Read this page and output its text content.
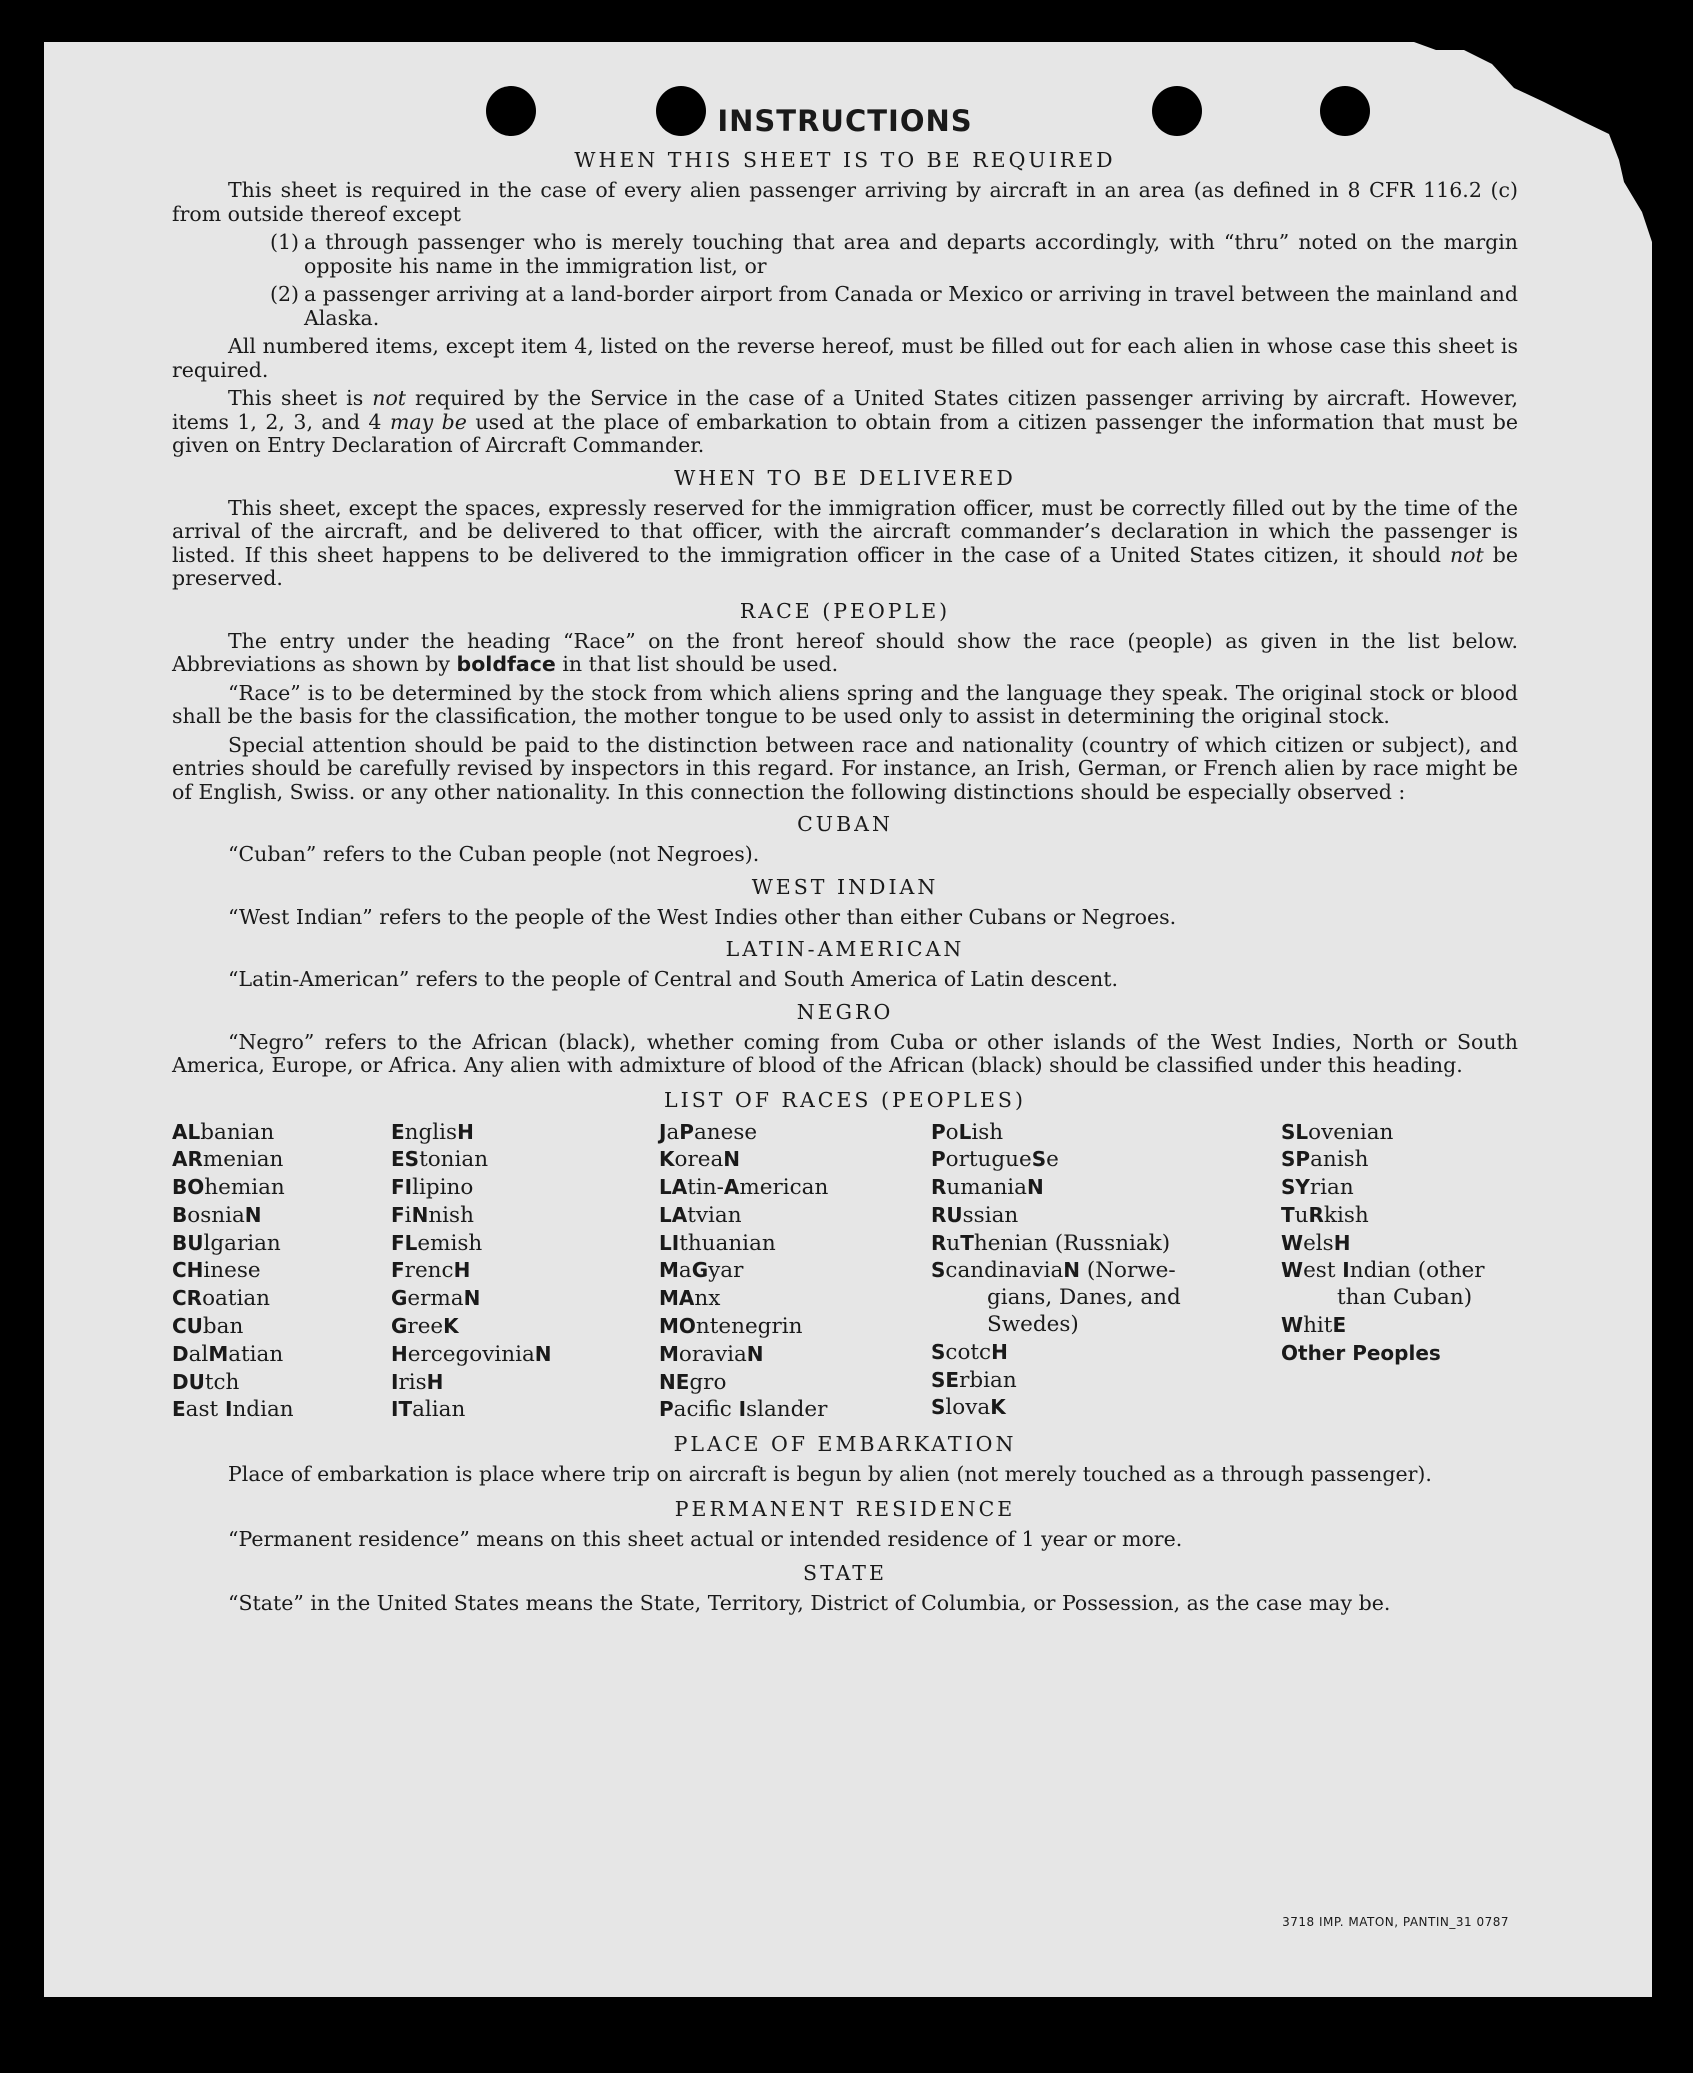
INSTRUCTIONS
WHEN THIS SHEET IS TO BE REQUIRED

This sheet is required in the case of every alien passenger arriving by aircraft in an area (as defined in 8 CFR 116.2 (c) from outside thereof except

(1) a through passenger who is merely touching that area and departs accordingly, with “thru” noted on the margin opposite his name in the immigration list, or

(2) a passenger arriving at a land-border airport from Canada or Mexico or arriving in travel between the mainland and Alaska.

All numbered items, except item 4, listed on the reverse hereof, must be filled out for each alien in whose case this sheet is required.

This sheet is not required by the Service in the case of a United States citizen passenger arriving by aircraft. However, items 1, 2, 3, and 4 may be used at the place of embarkation to obtain from a citizen passenger the information that must be given on Entry Declaration of Aircraft Commander.

WHEN TO BE DELIVERED

This sheet, except the spaces, expressly reserved for the immigration officer, must be correctly filled out by the time of the arrival of the aircraft, and be delivered to that officer, with the aircraft commander’s declaration in which the passenger is listed. If this sheet happens to be delivered to the immigration officer in the case of a United States citizen, it should not be preserved.

RACE (PEOPLE)

The entry under the heading “Race” on the front hereof should show the race (people) as given in the list below. Abbreviations as shown by boldface in that list should be used.

“Race” is to be determined by the stock from which aliens spring and the language they speak. The original stock or blood shall be the basis for the classification, the mother tongue to be used only to assist in determining the original stock.

Special attention should be paid to the distinction between race and nationality (country of which citizen or subject), and entries should be carefully revised by inspectors in this regard. For instance, an Irish, German, or French alien by race might be of English, Swiss. or any other nationality. In this connection the following distinctions should be especially observed :

CUBAN

“Cuban” refers to the Cuban people (not Negroes).

WEST INDIAN

“West Indian” refers to the people of the West Indies other than either Cubans or Negroes.

LATIN-AMERICAN

“Latin-American” refers to the people of Central and South America of Latin descent.

NEGRO

“Negro” refers to the African (black), whether coming from Cuba or other islands of the West Indies, North or South America, Europe, or Africa. Any alien with admixture of blood of the African (black) should be classified under this heading.

LIST OF RACES (PEOPLES)
ALbanian
ARmenian
BOhemian
BosniaN
BUlgarian
CHinese
CRoatian
CUban
DalMatian
DUtch
East Indian
EnglisH
EStonian
FIlipino
FiNnish
FLemish
FrencH
GermaN
GreeK
HercegoviniaN
IrisH
ITalian
JaPanese
KoreaN
LAtin-American
LAtvian
LIthuanian
MaGyar
MAnx
MOntenegrin
MoraviaN
NEgro
Pacific Islander
PoLish
PortugueSe
RumaniaN
RUssian
RuThenian (Russniak)
ScandinaviaN (Norwe-
gians, Danes, and
Swedes)
ScotcH
SErbian
SlovaK
SLovenian
SPanish
SYrian
TuRkish
WelsH
West Indian (other
than Cuban)
WhitE
Other Peoples
PLACE OF EMBARKATION

Place of embarkation is place where trip on aircraft is begun by alien (not merely touched as a through passenger).

PERMANENT RESIDENCE

“Permanent residence” means on this sheet actual or intended residence of 1 year or more.

STATE

“State” in the United States means the State, Territory, District of Columbia, or Possession, as the case may be.

3718 IMP. MATON, PANTIN_31 0787
